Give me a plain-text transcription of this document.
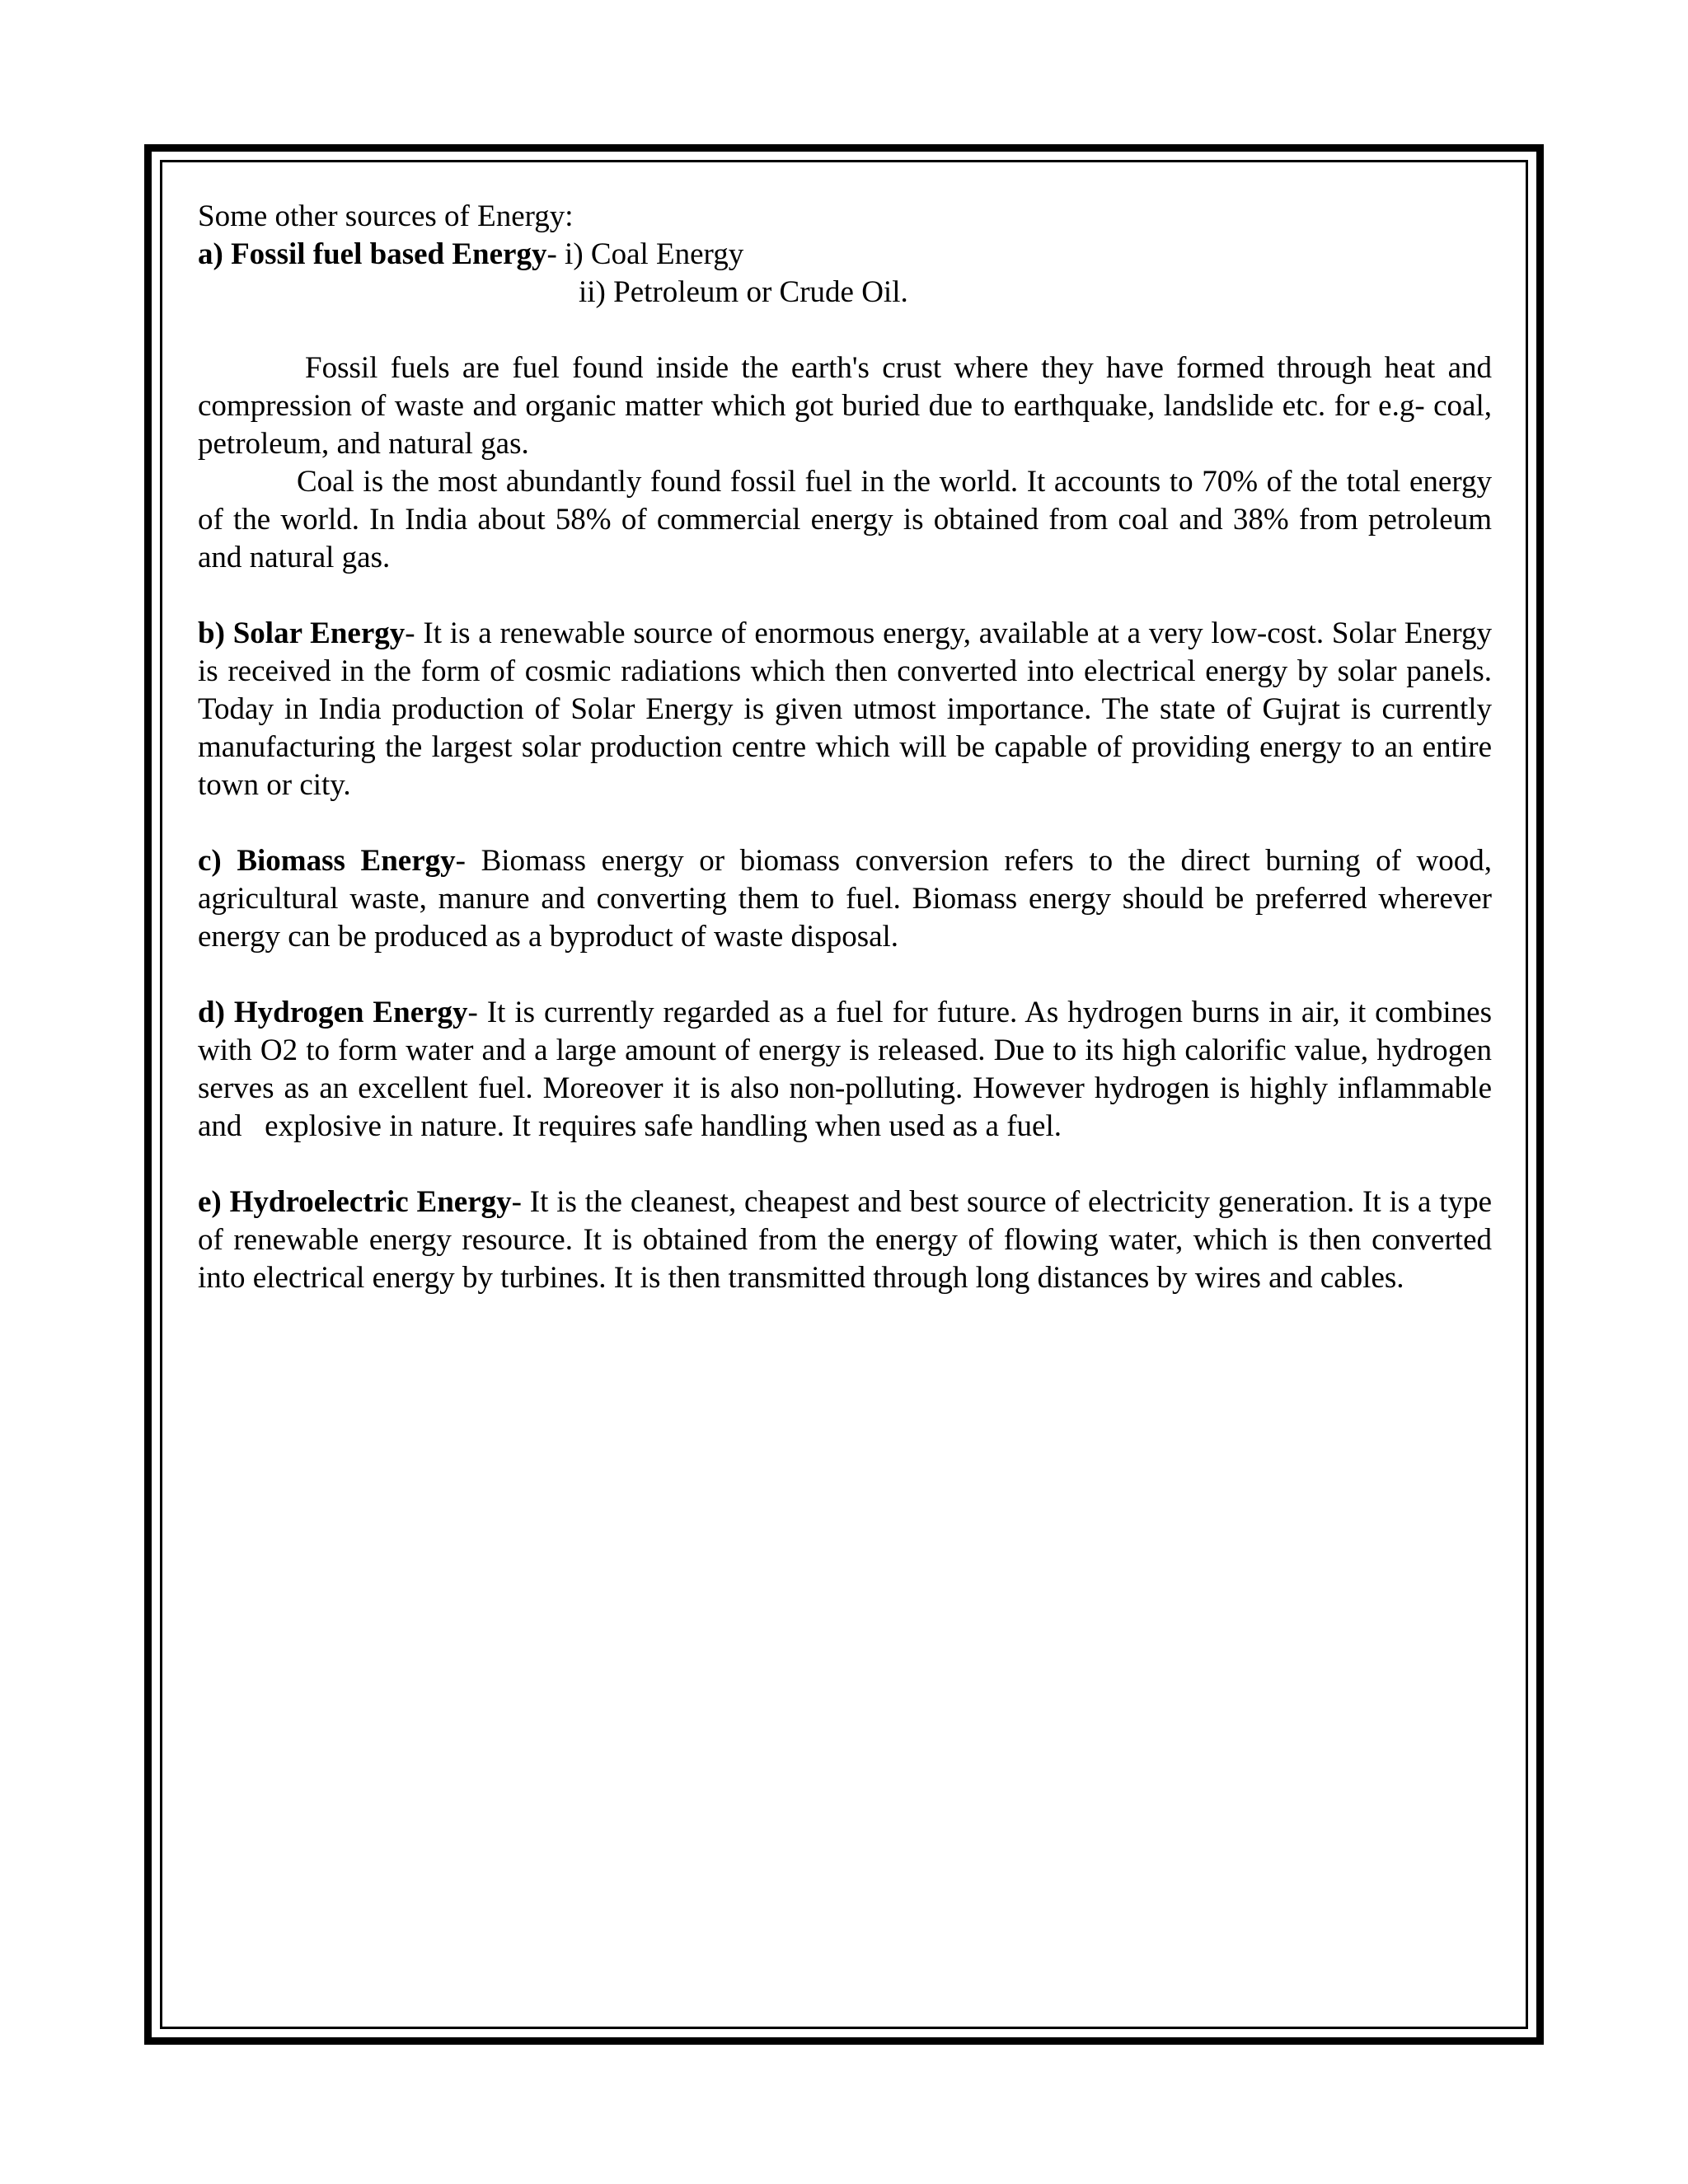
Some other sources of Energy:

a) Fossil fuel based Energy- i) Coal Energy

ii) Petroleum or Crude Oil.

Fossil fuels are fuel found inside the earth's crust where they have formed through heat and compression of waste and organic matter which got buried due to earthquake, landslide etc. for e.g- coal, petroleum, and natural gas.

Coal is the most abundantly found fossil fuel in the world. It accounts to 70% of the total energy of the world. In India about 58% of commercial energy is obtained from coal and 38% from petroleum and natural gas.

b) Solar Energy- It is a renewable source of enormous energy, available at a very low-cost. Solar Energy is received in the form of cosmic radiations which then converted into electrical energy by solar panels. Today in India production of Solar Energy is given utmost importance. The state of Gujrat is currently manufacturing the largest solar production centre which will be capable of providing energy to an entire town or city.

c) Biomass Energy- Biomass energy or biomass conversion refers to the direct burning of wood, agricultural waste, manure and converting them to fuel. Biomass energy should be preferred wherever energy can be produced as a byproduct of waste disposal.

d) Hydrogen Energy- It is currently regarded as a fuel for future. As hydrogen burns in air, it combines with O2 to form water and a large amount of energy is released. Due to its high calorific value, hydrogen serves as an excellent fuel. Moreover it is also non-polluting. However hydrogen is highly inflammable and   explosive in nature. It requires safe handling when used as a fuel.

e) Hydroelectric Energy- It is the cleanest, cheapest and best source of electricity generation. It is a type of renewable energy resource. It is obtained from the energy of flowing water, which is then converted into electrical energy by turbines. It is then transmitted through long distances by wires and cables.
